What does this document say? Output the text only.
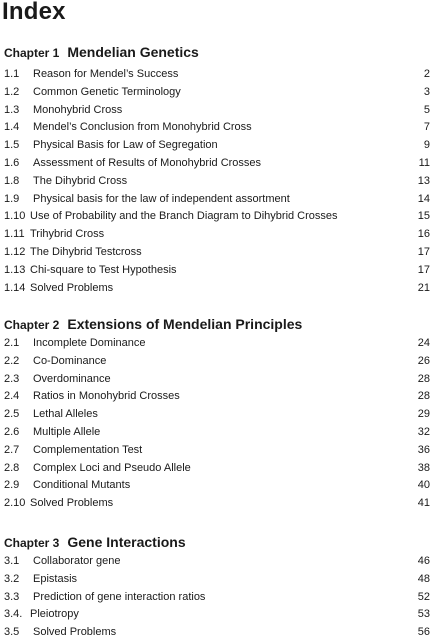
Index
Chapter 1 Mendelian Genetics
1.1 Reason for Mendel’s Success	2
1.2 Common Genetic Terminology	3
1.3 Monohybrid Cross	5
1.4 Mendel’s Conclusion from Monohybrid Cross	7
1.5 Physical Basis for Law of Segregation	9
1.6 Assessment of Results of Monohybrid Crosses	11
1.8 The Dihybrid Cross	13
1.9 Physical basis for the law of independent assortment	14
1.10 Use of Probability and the Branch Diagram to Dihybrid Crosses	15
1.11 Trihybrid Cross	16
1.12 The Dihybrid Testcross	17
1.13 Chi-square to Test Hypothesis	17
1.14 Solved Problems	21
Chapter 2 Extensions of Mendelian Principles
2.1 Incomplete Dominance	24
2.2 Co-Dominance	26
2.3 Overdominance	28
2.4 Ratios in Monohybrid Crosses	28
2.5 Lethal Alleles	29
2.6 Multiple Allele	32
2.7 Complementation Test	36
2.8 Complex Loci and Pseudo Allele	38
2.9 Conditional Mutants	40
2.10 Solved Problems	41
Chapter 3 Gene Interactions
3.1 Collaborator gene	46
3.2 Epistasis	48
3.3 Prediction of gene interaction ratios	52
3.4. Pleiotropy	53
3.5 Solved Problems	56
